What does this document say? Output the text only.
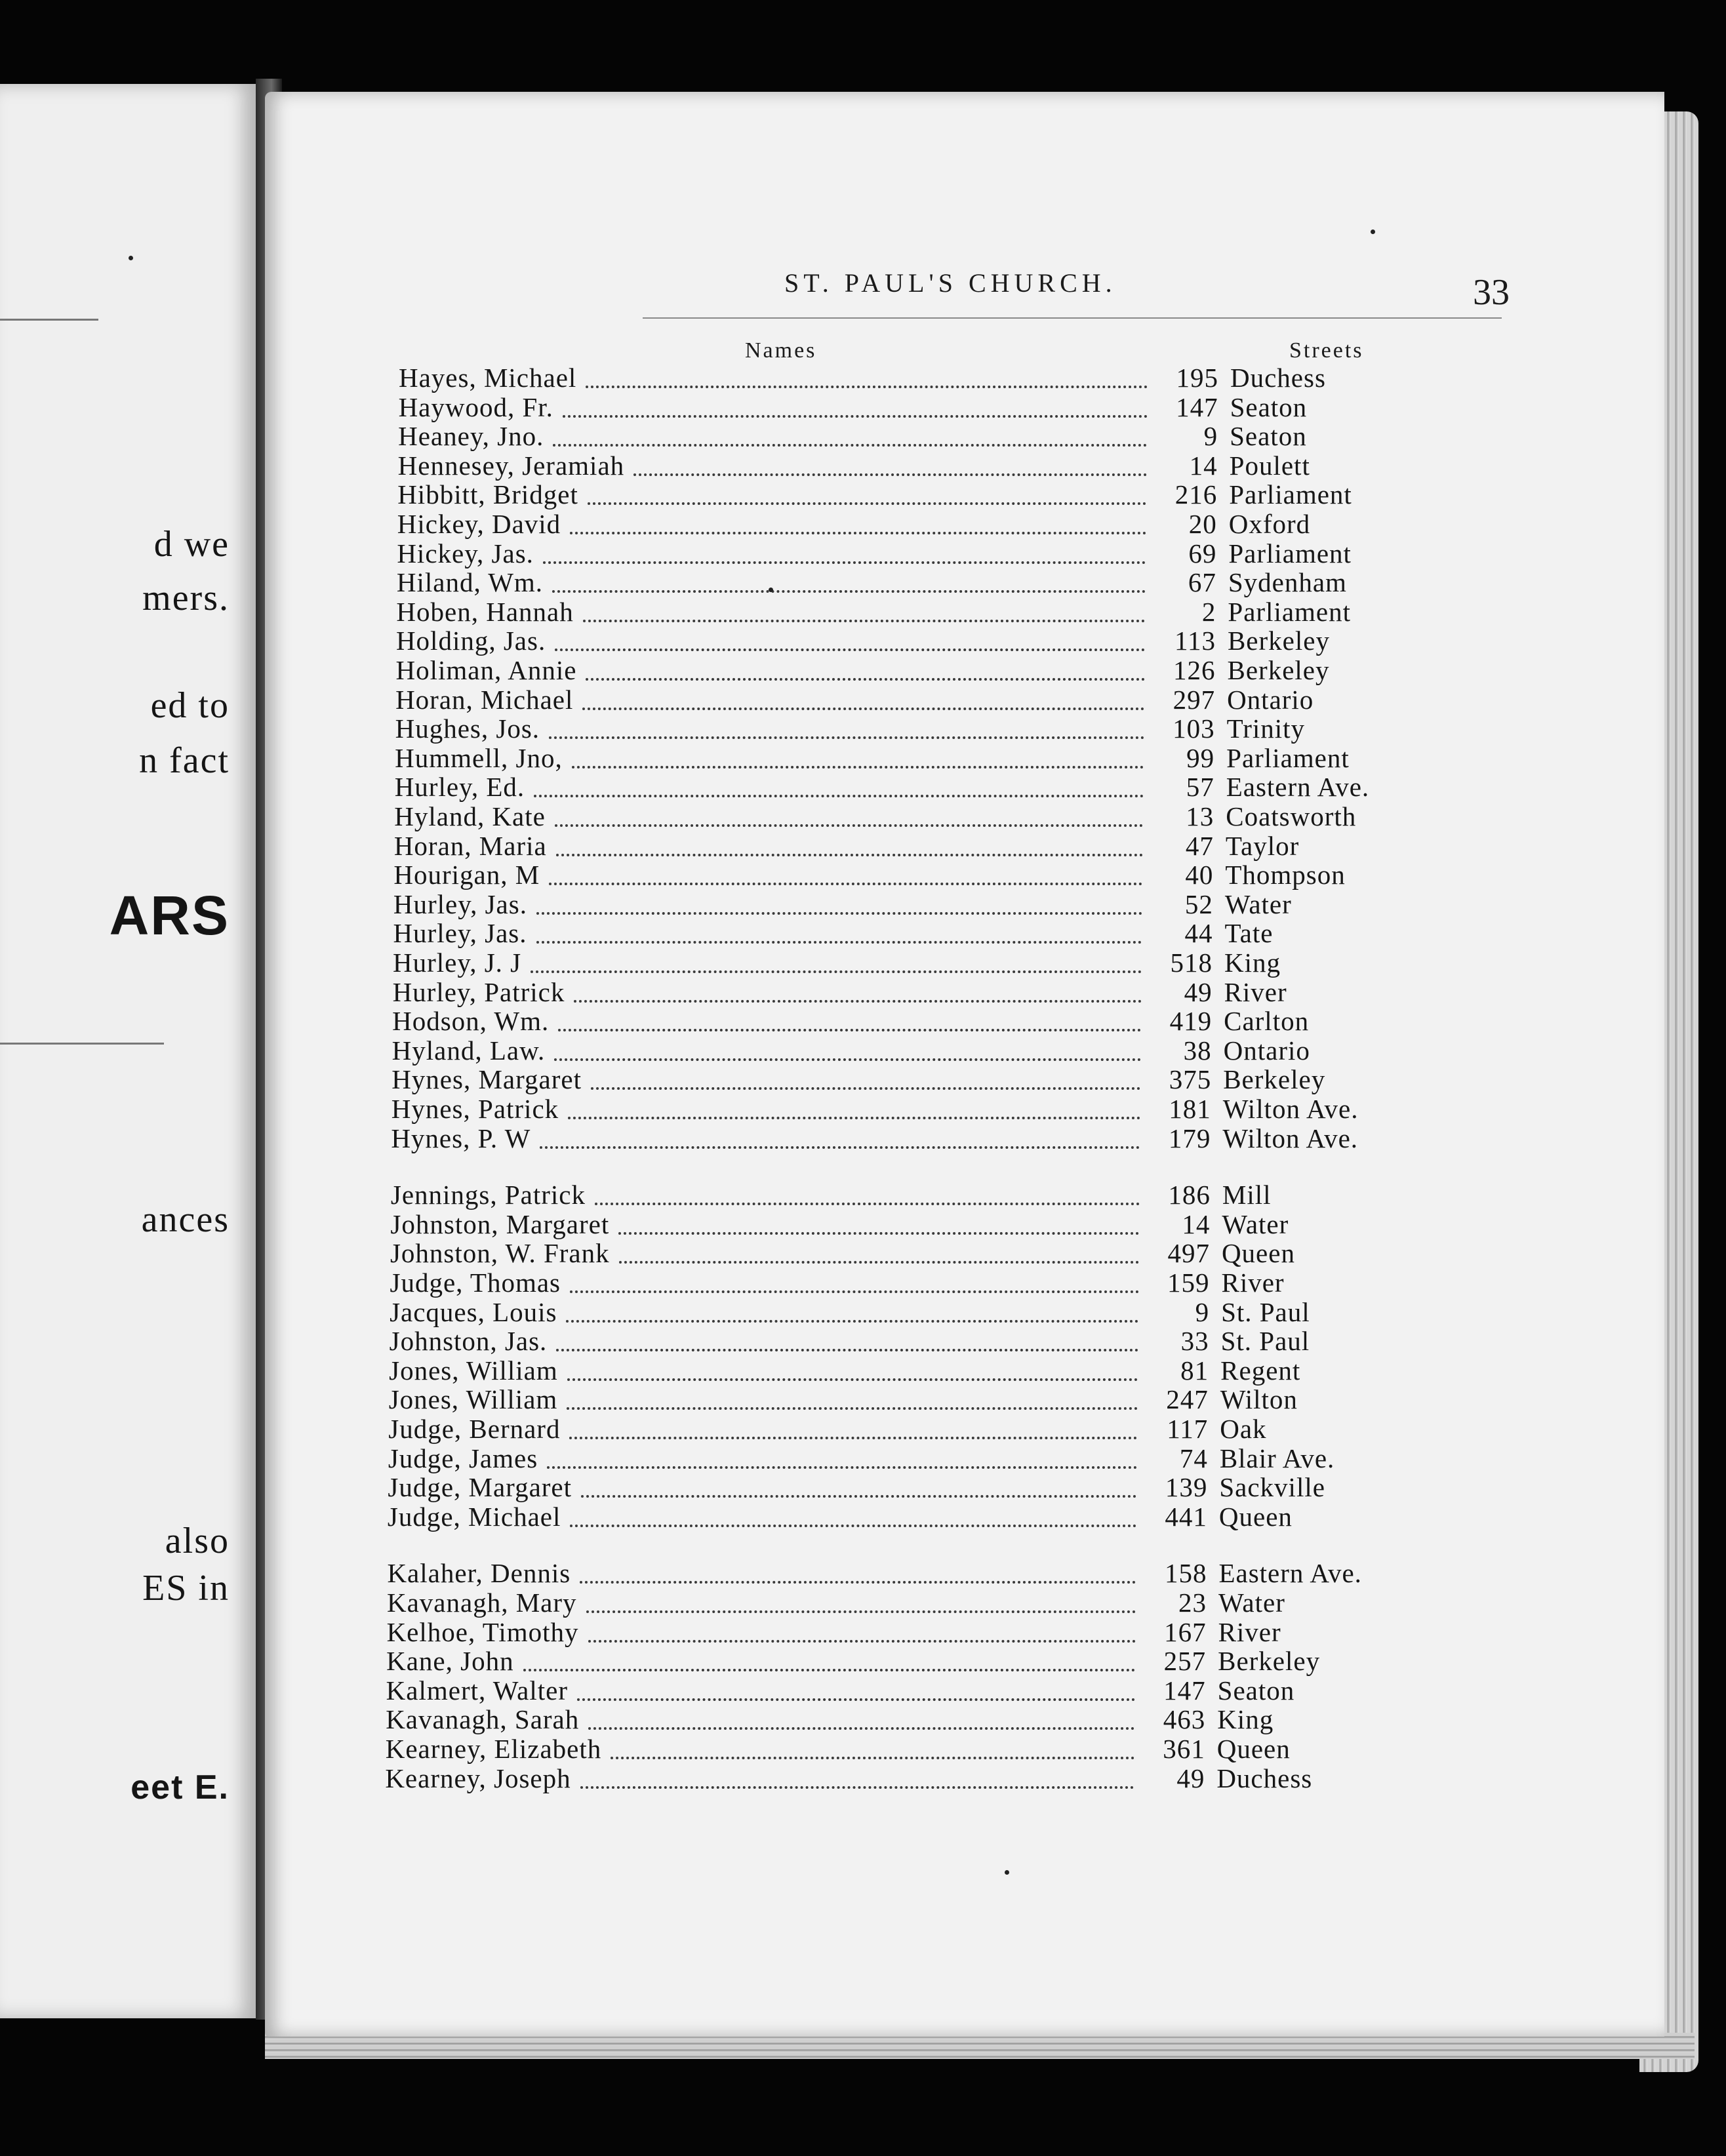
d we
mers.
ed to
n fact
ARS
ances
also
ES in
eet E.
ST. PAUL'S CHURCH.	33
Names	Streets
Hayes, Michael	195 Duchess
Haywood, Fr.	147 Seaton
Heaney, Jno.	9 Seaton
Hennesey, Jeramiah	14 Poulett
Hibbitt, Bridget	216 Parliament
Hickey, David	20 Oxford
Hickey, Jas.	69 Parliament
Hiland, Wm.	67 Sydenham
Hoben, Hannah	2 Parliament
Holding, Jas.	113 Berkeley
Holiman, Annie	126 Berkeley
Horan, Michael	297 Ontario
Hughes, Jos.	103 Trinity
Hummell, Jno,	99 Parliament
Hurley, Ed.	57 Eastern Ave.
Hyland, Kate	13 Coatsworth
Horan, Maria	47 Taylor
Hourigan, M	40 Thompson
Hurley, Jas.	52 Water
Hurley, Jas.	44 Tate
Hurley, J. J	518 King
Hurley, Patrick	49 River
Hodson, Wm.	419 Carlton
Hyland, Law.	38 Ontario
Hynes, Margaret	375 Berkeley
Hynes, Patrick	181 Wilton Ave.
Hynes, P. W	179 Wilton Ave.
Jennings, Patrick	186 Mill
Johnston, Margaret	14 Water
Johnston, W. Frank	497 Queen
Judge, Thomas	159 River
Jacques, Louis	9 St. Paul
Johnston, Jas.	33 St. Paul
Jones, William	81 Regent
Jones, William	247 Wilton
Judge, Bernard	117 Oak
Judge, James	74 Blair Ave.
Judge, Margaret	139 Sackville
Judge, Michael	441 Queen
Kalaher, Dennis	158 Eastern Ave.
Kavanagh, Mary	23 Water
Kelhoe, Timothy	167 River
Kane, John	257 Berkeley
Kalmert, Walter	147 Seaton
Kavanagh, Sarah	463 King
Kearney, Elizabeth	361 Queen
Kearney, Joseph	49 Duchess
